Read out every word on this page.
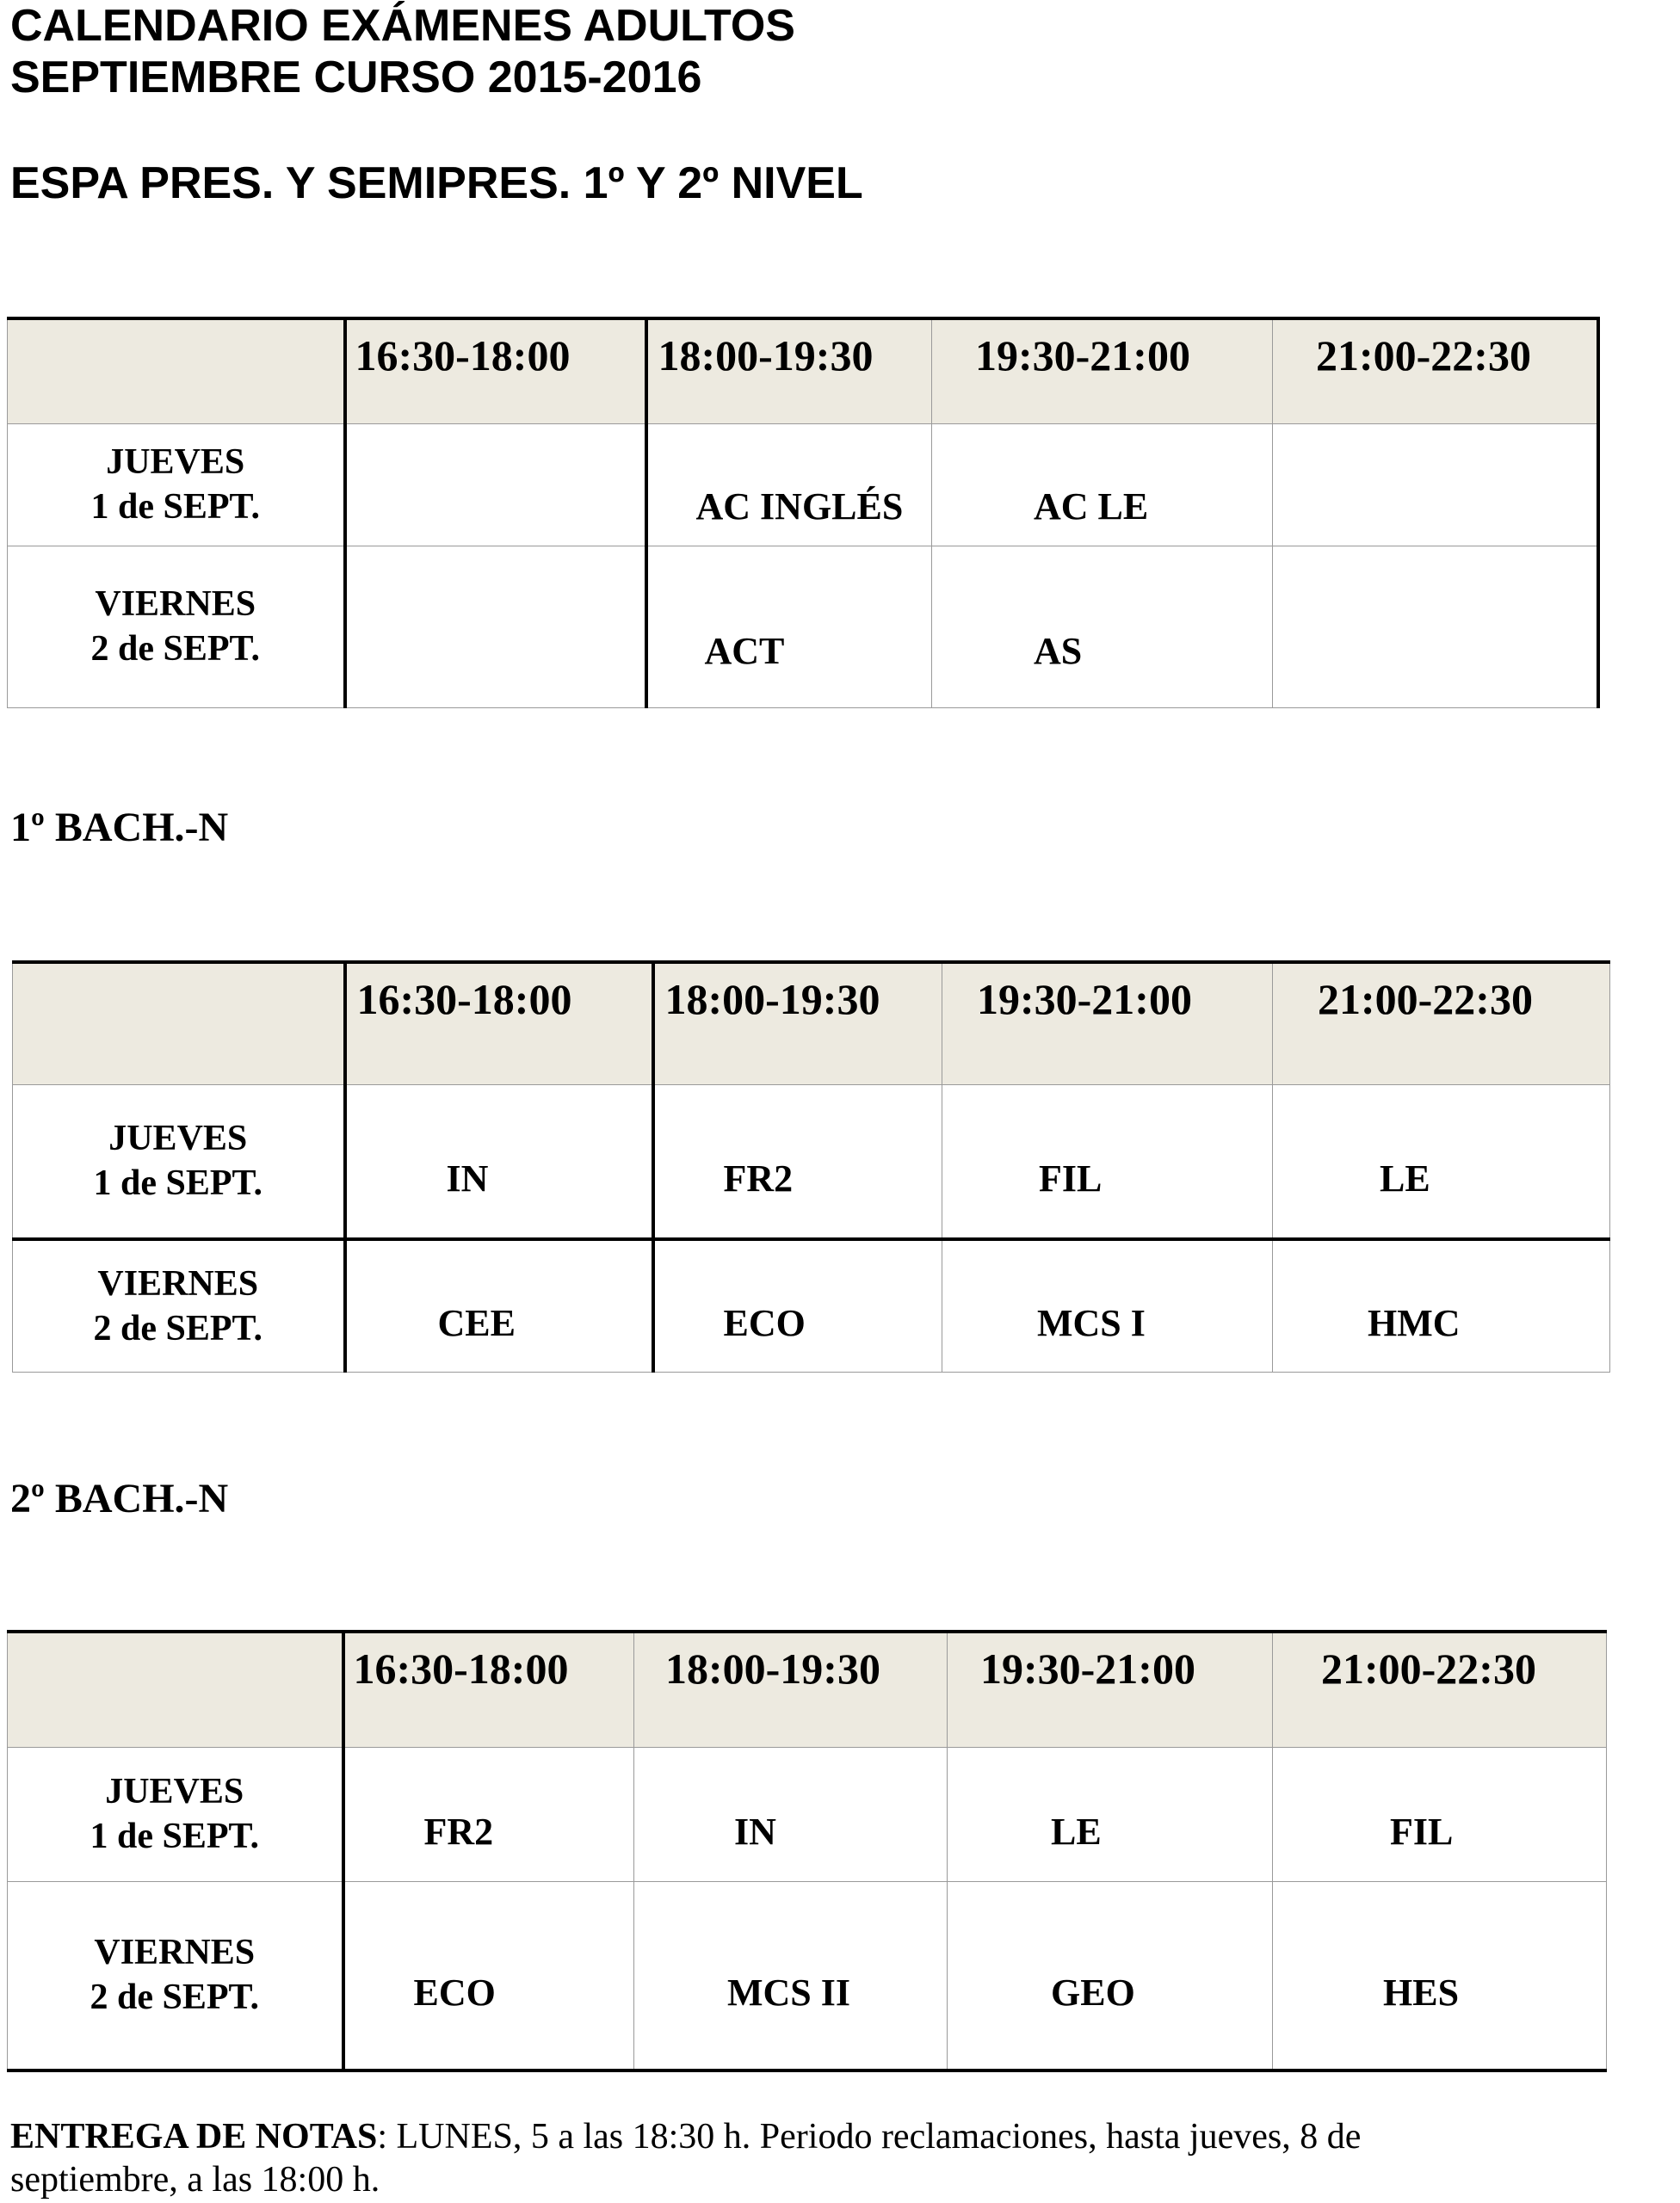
CALENDARIO EXÁMENES ADULTOS
SEPTIEMBRE CURSO 2015-2016
ESPA PRES. Y SEMIPRES. 1º Y 2º NIVEL
	16:30-18:00	18:00-19:30	19:30-21:00	21:00-22:30

JUEVES
1 de SEPT.		AC INGLÉS	AC LE	

VIERNES
2 de SEPT.		ACT	AS	
1º BACH.-N
	16:30-18:00	18:00-19:30	19:30-21:00	21:00-22:30

JUEVES
1 de SEPT.	IN	FR2	FIL	LE

VIERNES
2 de SEPT.	CEE	ECO	MCS I	HMC
2º BACH.-N
	16:30-18:00	18:00-19:30	19:30-21:00	21:00-22:30

JUEVES
1 de SEPT.	FR2	IN	LE	FIL

VIERNES
2 de SEPT.	ECO	MCS II	GEO	HES

ENTREGA DE NOTAS: LUNES, 5 a las 18:30 h. Periodo reclamaciones, hasta jueves, 8 de septiembre, a las 18:00 h.
